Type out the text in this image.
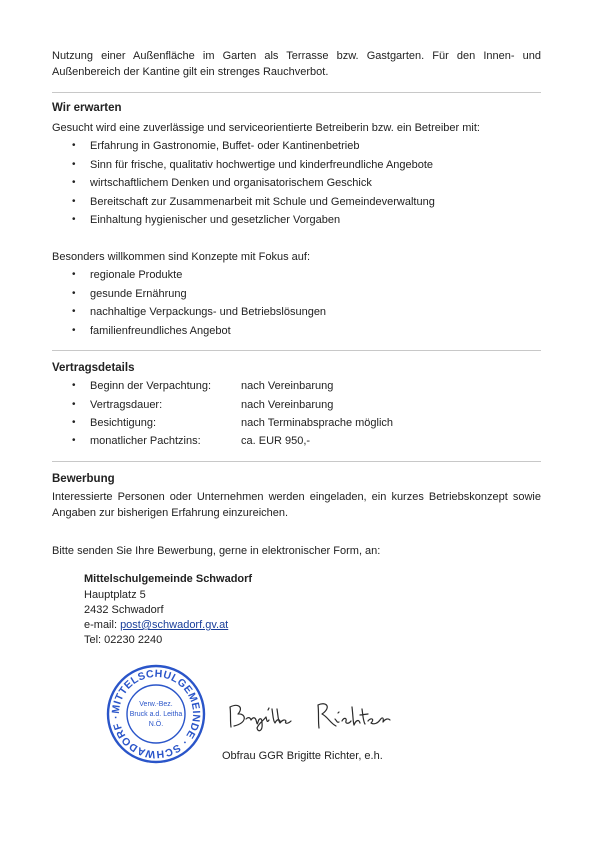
Nutzung einer Außenfläche im Garten als Terrasse bzw. Gastgarten. Für den Innen- und Außenbereich der Kantine gilt ein strenges Rauchverbot.
Wir erwarten
Gesucht wird eine zuverlässige und serviceorientierte Betreiberin bzw. ein Betreiber mit:
• Erfahrung in Gastronomie, Buffet- oder Kantinenbetrieb
• Sinn für frische, qualitativ hochwertige und kinderfreundliche Angebote
• wirtschaftlichem Denken und organisatorischem Geschick
• Bereitschaft zur Zusammenarbeit mit Schule und Gemeindeverwaltung
• Einhaltung hygienischer und gesetzlicher Vorgaben
Besonders willkommen sind Konzepte mit Fokus auf:
• regionale Produkte
• gesunde Ernährung
• nachhaltige Verpackungs- und Betriebslösungen
• familienfreundliches Angebot
Vertragsdetails
• Beginn der Verpachtung:	nach Vereinbarung
• Vertragsdauer:	nach Vereinbarung
• Besichtigung:	nach Terminabsprache möglich
• monatlicher Pachtzins:	ca. EUR 950,-
Bewerbung
Interessierte Personen oder Unternehmen werden eingeladen, ein kurzes Betriebskonzept sowie Angaben zur bisherigen Erfahrung einzureichen.
Bitte senden Sie Ihre Bewerbung, gerne in elektronischer Form, an:
Mittelschulgemeinde Schwadorf
Hauptplatz 5
2432 Schwadorf
e-mail: post@schwadorf.gv.at
Tel: 02230 2240
MITTELSCHULGEMEINDE · SCHWADORF ·
Verw.-Bez.
Bruck a.d. Leitha
N.Ö.
Obfrau GGR Brigitte Richter, e.h.
